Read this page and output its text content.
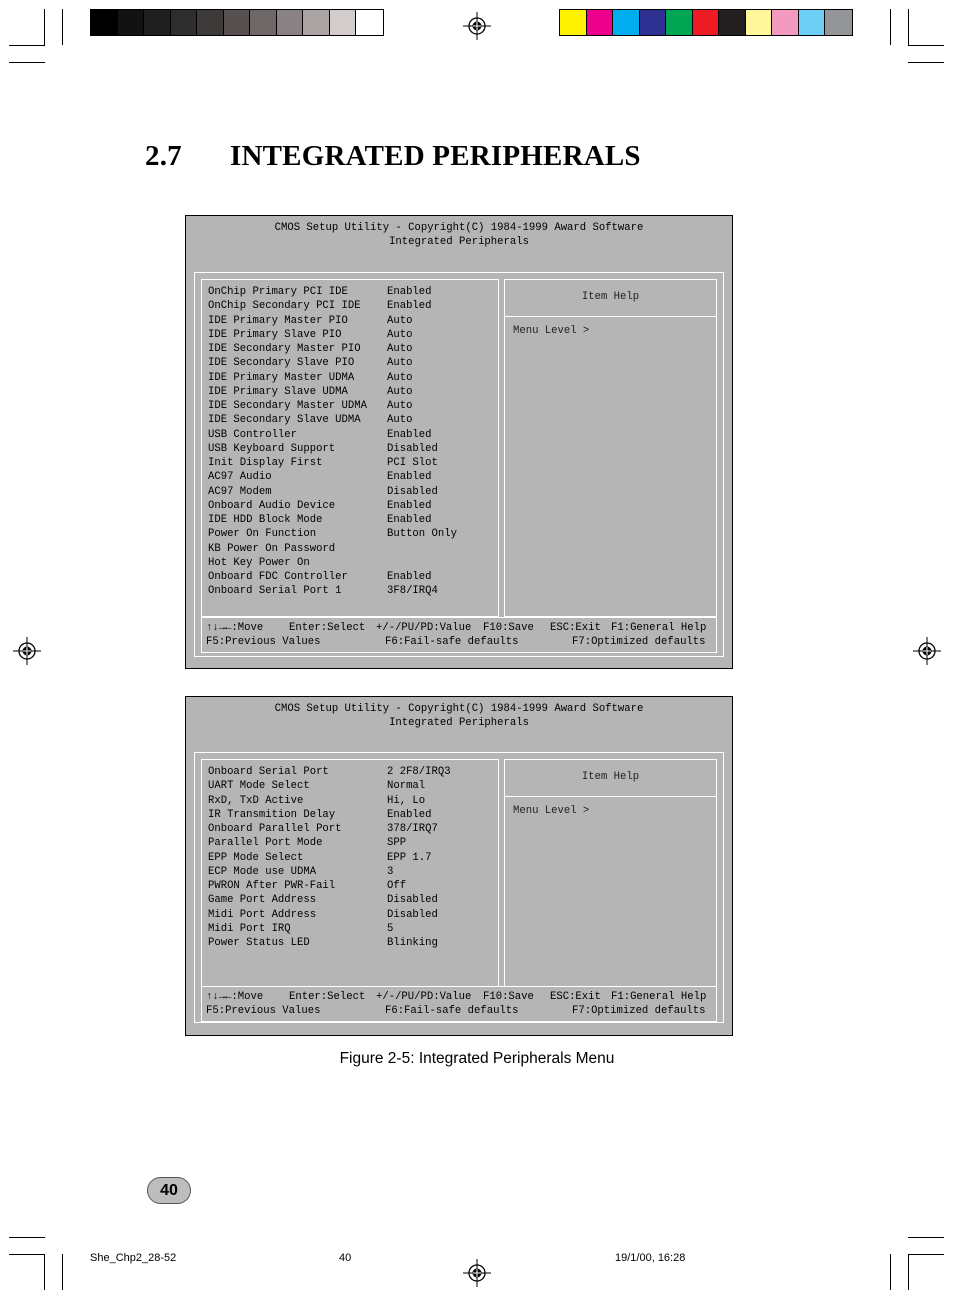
2.7 INTEGRATED PERIPHERALS
CMOS Setup Utility - Copyright(C) 1984-1999 Award Software
Integrated Peripherals
OnChip Primary PCI IDE	Enabled
OnChip Secondary PCI IDE Enabled
IDE Primary Master PIO	Auto
IDE Primary Slave PIO	Auto
IDE Secondary Master PIO Auto
IDE Secondary Slave PIO	Auto
IDE Primary Master UDMA	Auto
IDE Primary Slave UDMA	Auto
IDE Secondary Master UDMA Auto
IDE Secondary Slave UDMA Auto
USB Controller	Enabled
USB Keyboard Support	Disabled
Init Display First	PCI Slot
AC97 Audio	Enabled
AC97 Modem	Disabled
Onboard Audio Device	Enabled
IDE HDD Block Mode	Enabled
Power On Function	Button Only
KB Power On Password
Hot Key Power On
Onboard FDC Controller	Enabled
Onboard Serial Port 1	3F8/IRQ4
Item Help
Menu Level >

↑↓→←:Move

Enter:Select

+/-/PU/PD:Value

F10:Save

ESC:Exit

F1:General Help

F5:Previous Values

	F6:Fail-safe defaults

	F7:Optimized defaults

CMOS Setup Utility - Copyright(C) 1984-1999 Award Software
Integrated Peripherals
Onboard Serial Port	2 2F8/IRQ3
UART Mode Select	Normal
RxD, TxD Active	Hi, Lo
IR Transmition Delay	Enabled
Onboard Parallel Port	378/IRQ7
Parallel Port Mode	SPP
EPP Mode Select	EPP 1.7
ECP Mode use UDMA	3
PWRON After PWR-Fail	Off
Game Port Address	Disabled
Midi Port Address	Disabled
Midi Port IRQ	5
Power Status LED	Blinking
Item Help
Menu Level >

↑↓→←:Move

Enter:Select

+/-/PU/PD:Value

F10:Save

ESC:Exit

F1:General Help

F5:Previous Values

	F6:Fail-safe defaults

	F7:Optimized defaults

Figure 2-5: Integrated Peripherals Menu
40
She_Chp2_28-52	40	19/1/00, 16:28
